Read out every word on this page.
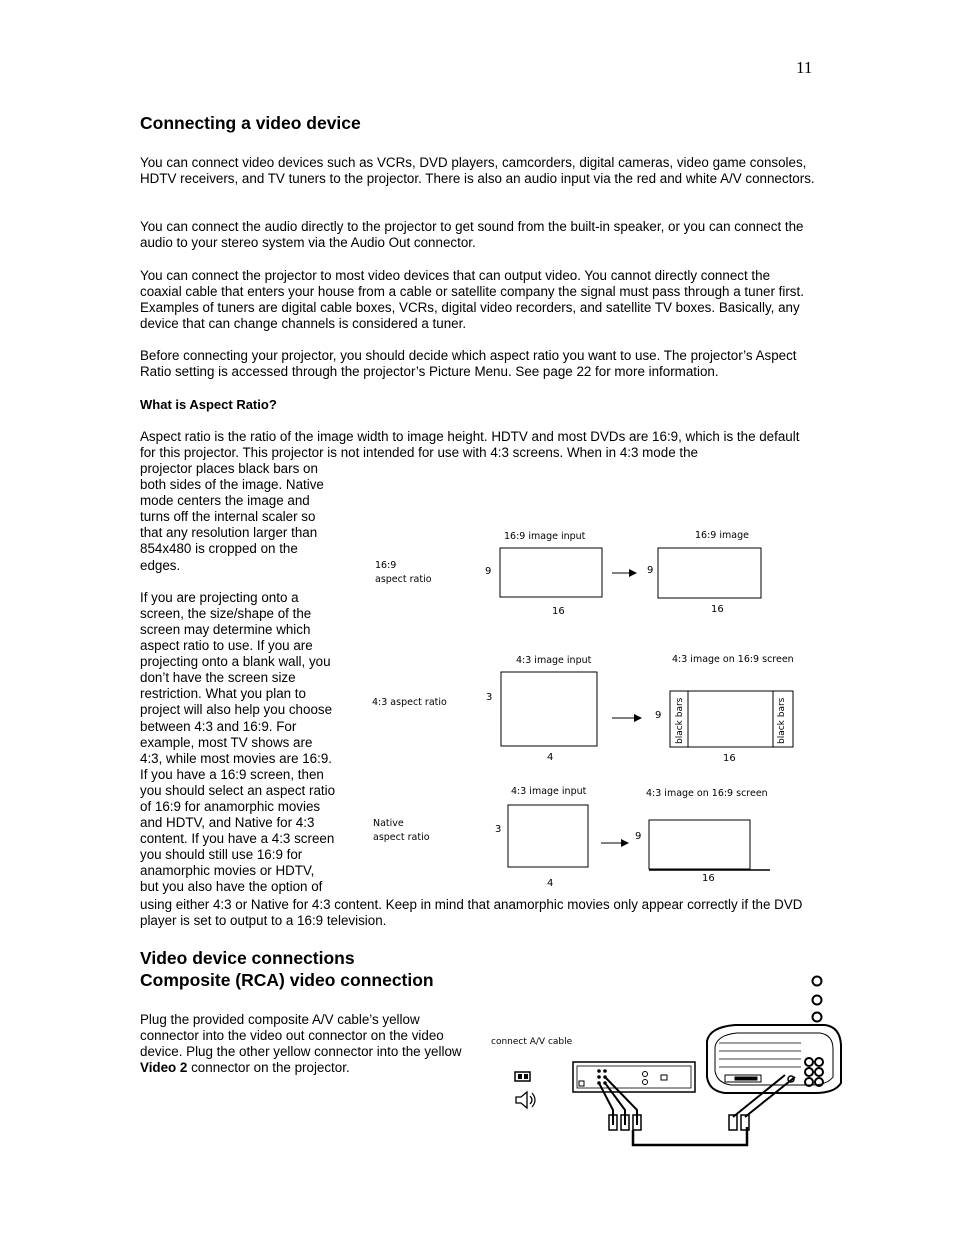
11
Connecting a video device

You can connect video devices such as VCRs, DVD players, camcorders, digital cameras, video game consoles, HDTV receivers, and TV tuners to the projector. There is also an audio input via the red and white A/V connectors.

You can connect the audio directly to the projector to get sound from the built-in speaker, or you can connect the audio to your stereo system via the Audio Out connector.

You can connect the projector to most video devices that can output video. You cannot directly connect the coaxial cable that enters your house from a cable or satellite company the signal must pass through a tuner first. Examples of tuners are digital cable boxes, VCRs, digital video recorders, and satellite TV boxes. Basically, any device that can change channels is considered a tuner.

Before connecting your projector, you should decide which aspect ratio you want to use. The projector’s Aspect Ratio setting is accessed through the projector’s Picture Menu. See page 22 for more information.

What is Aspect Ratio?

Aspect ratio is the ratio of the image width to image height. HDTV and most DVDs are 16:9, which is the default for this projector. This projector is not intended for use with 4:3 screens. When in 4:3 mode the

projector places black bars on
both sides of the image. Native
mode centers the image and
turns off the internal scaler so
that any resolution larger than
854x480 is cropped on the
edges.
If you are projecting onto a
screen, the size/shape of the
screen may determine which
aspect ratio to use. If you are
projecting onto a blank wall, you
don’t have the screen size
restriction. What you plan to
project will also help you choose
between 4:3 and 16:9. For
example, most TV shows are
4:3, while most movies are 16:9.
If you have a 16:9 screen, then
you should select an aspect ratio
of 16:9 for anamorphic movies
and HDTV, and Native for 4:3
content. If you have a 4:3 screen
you should still use 16:9 for
anamorphic movies or HDTV,
but you also have the option of

using either 4:3 or Native for 4:3 content. Keep in mind that anamorphic movies only appear correctly if the DVD player is set to output to a 16:9 television.

16:9
aspect ratio
16:9 image input
9
16
16:9 image
9
16
4:3 aspect ratio
4:3 image input
3
4
4:3 image on 16:9 screen
black bars	black bars
9
16
Native
aspect ratio
4:3 image input
3
4
4:3 image on 16:9 screen
9
16
Video device connections
Composite (RCA) video connection

Plug the provided composite A/V cable’s yellow connector into the video out connector on the video device. Plug the other yellow connector into the yellow Video 2 connector on the projector.

connect A/V cable
